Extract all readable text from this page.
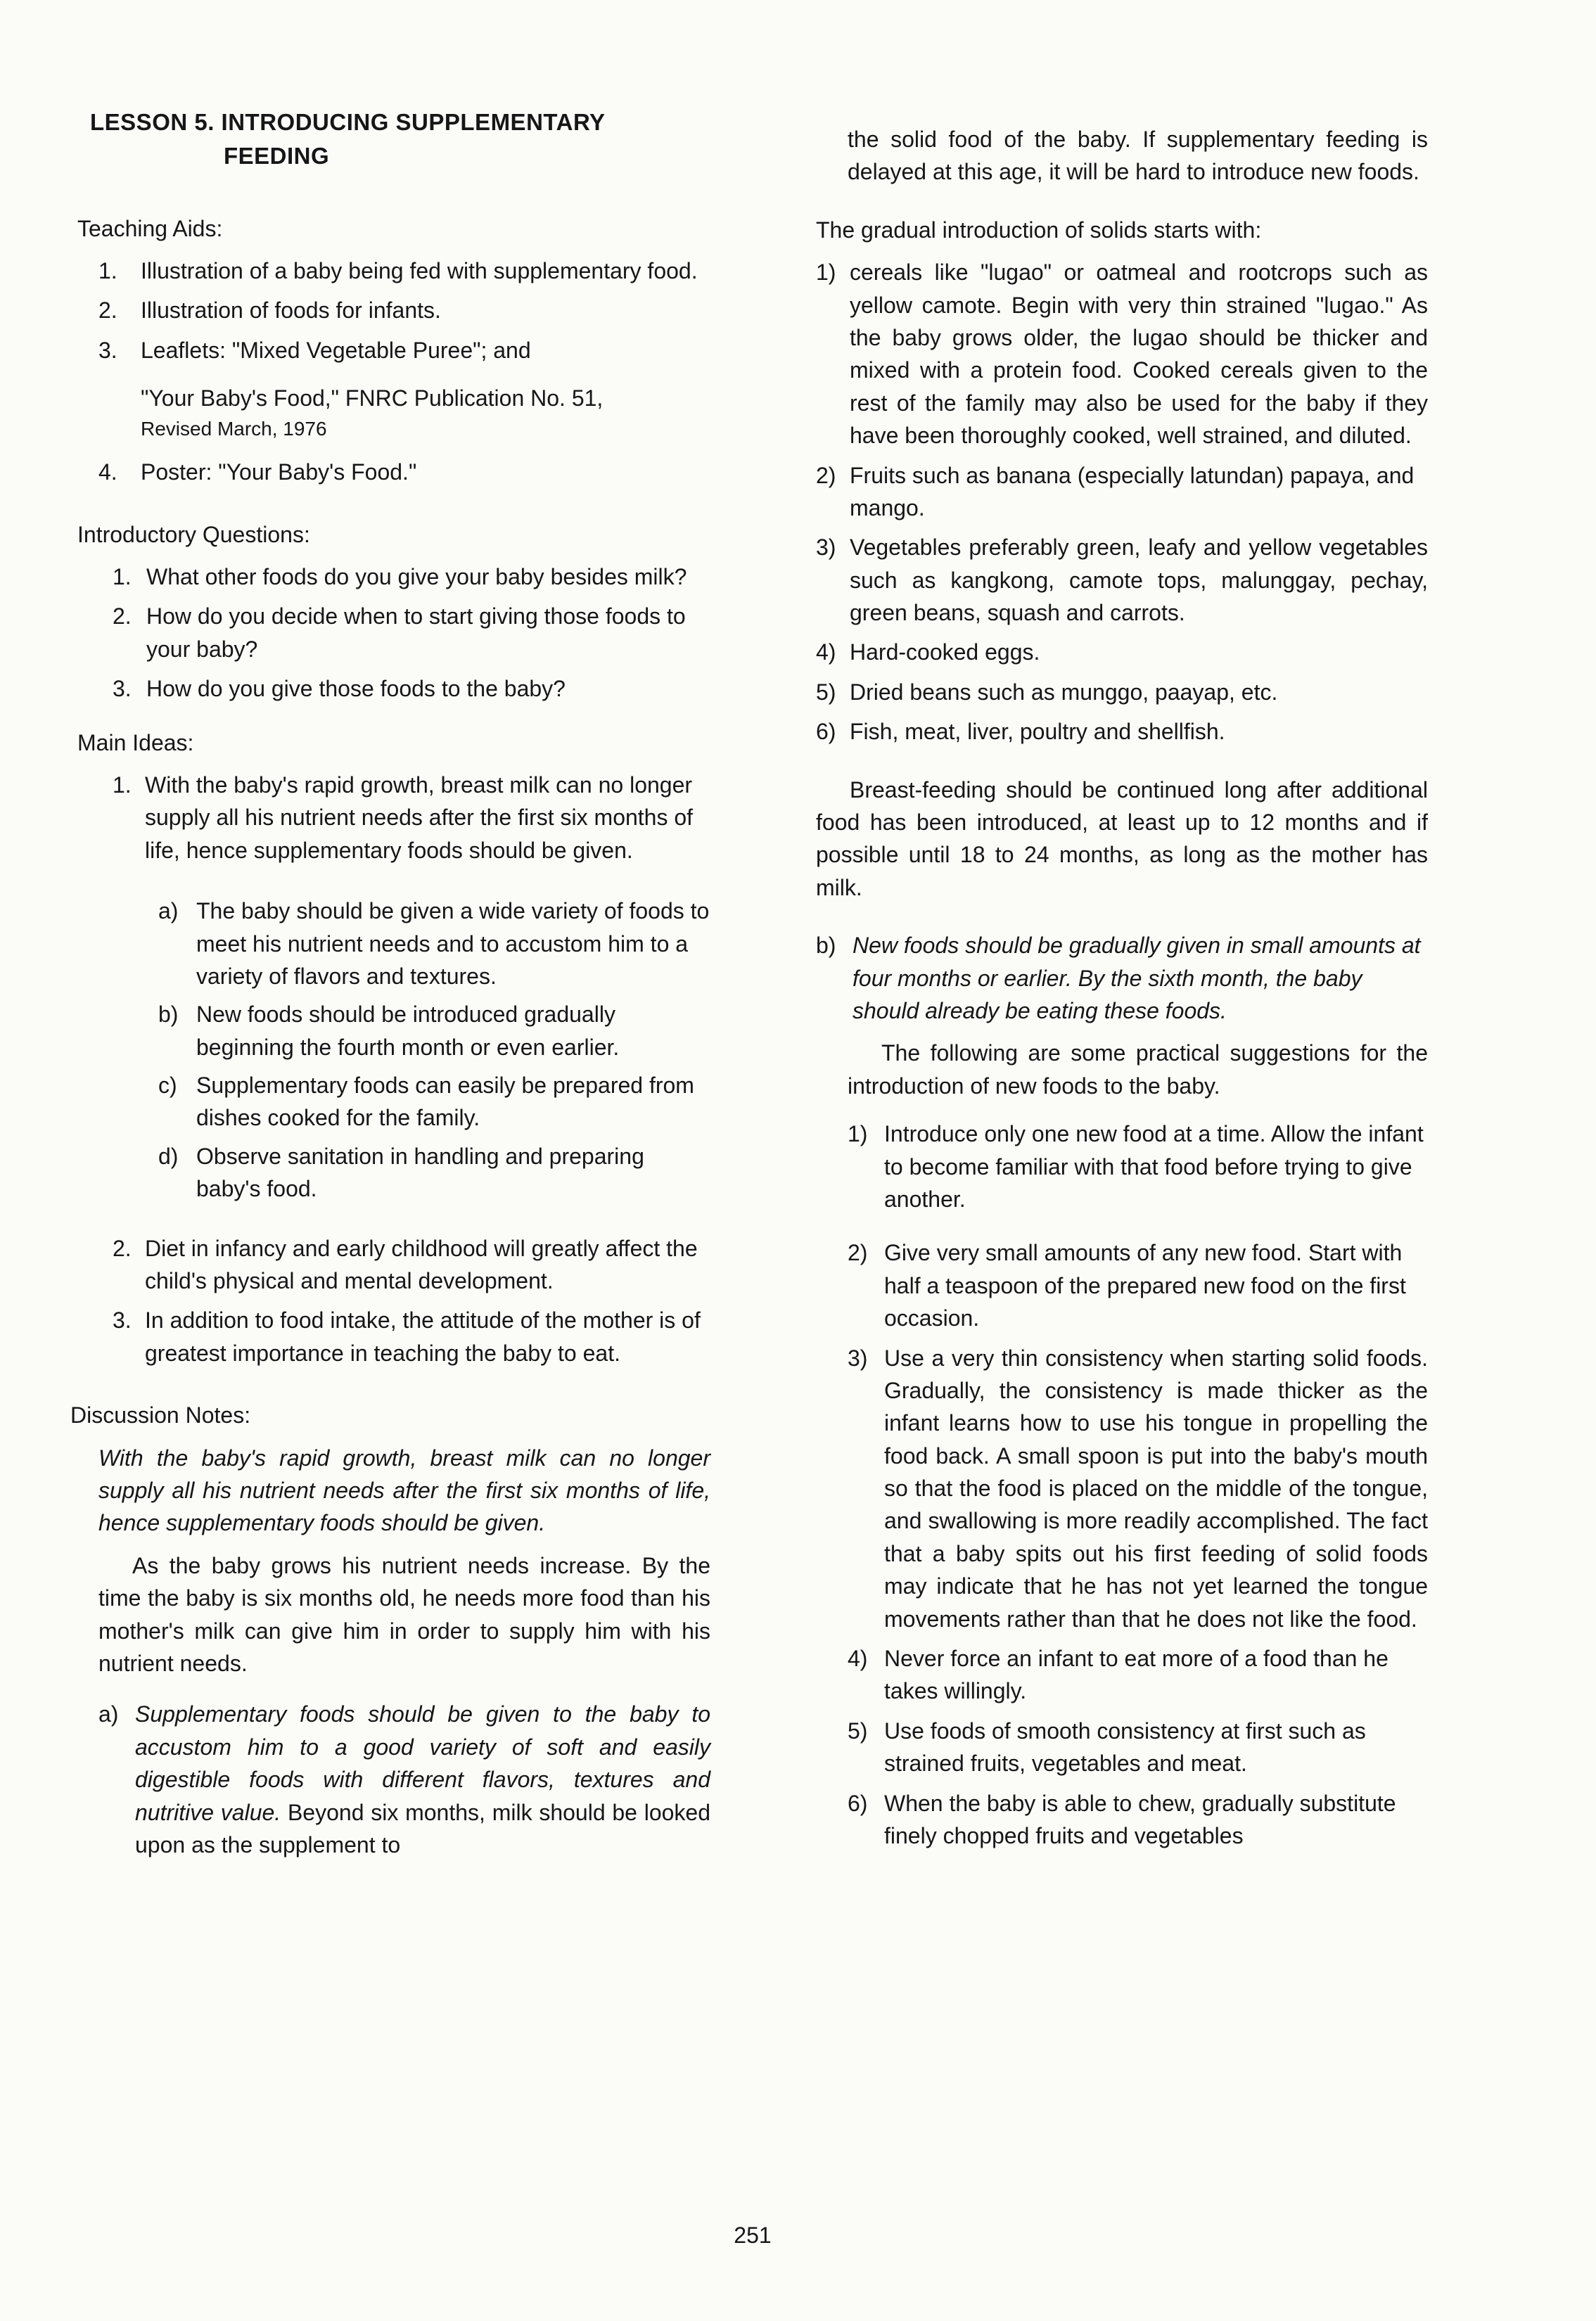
LESSON 5. INTRODUCING SUPPLEMENTARY
FEEDING
Teaching Aids:
1.	Illustration of a baby being fed with supplementary food.
2.	Illustration of foods for infants.
3.	Leaflets: "Mixed Vegetable Puree"; and
"Your Baby's Food," FNRC Publication No. 51,
Revised March, 1976
4.	Poster: "Your Baby's Food."
Introductory Questions:
1. What other foods do you give your baby besides milk?
2. How do you decide when to start giving those foods to your baby?
3. How do you give those foods to the baby?
Main Ideas:
1. With the baby's rapid growth, breast milk can no longer supply all his nutrient needs after the first six months of life, hence supplementary foods should be given.
a) The baby should be given a wide variety of foods to meet his nutrient needs and to accustom him to a variety of flavors and textures.
b) New foods should be introduced gradually beginning the fourth month or even earlier.
c) Supplementary foods can easily be prepared from dishes cooked for the family.
d) Observe sanitation in handling and preparing baby's food.
2. Diet in infancy and early childhood will greatly affect the child's physical and mental development.
3. In addition to food intake, the attitude of the mother is of greatest importance in teaching the baby to eat.
Discussion Notes:
With the baby's rapid growth, breast milk can no longer supply all his nutrient needs after the first six months of life, hence supplementary foods should be given.
As the baby grows his nutrient needs increase. By the time the baby is six months old, he needs more food than his mother's milk can give him in order to supply him with his nutrient needs.
a) Supplementary foods should be given to the baby to accustom him to a good variety of soft and easily digestible foods with different flavors, textures and nutritive value. Beyond six months, milk should be looked upon as the supplement to
the solid food of the baby. If supplementary feeding is delayed at this age, it will be hard to introduce new foods.
The gradual introduction of solids starts with:
1) cereals like "lugao" or oatmeal and rootcrops such as yellow camote. Begin with very thin strained "lugao." As the baby grows older, the lugao should be thicker and mixed with a protein food. Cooked cereals given to the rest of the family may also be used for the baby if they have been thoroughly cooked, well strained, and diluted.
2) Fruits such as banana (especially latundan) papaya, and mango.
3) Vegetables preferably green, leafy and yellow vegetables such as kangkong, camote tops, malunggay, pechay, green beans, squash and carrots.
4) Hard-cooked eggs.
5) Dried beans such as munggo, paayap, etc.
6) Fish, meat, liver, poultry and shellfish.
Breast-feeding should be continued long after additional food has been introduced, at least up to 12 months and if possible until 18 to 24 months, as long as the mother has milk.
b) New foods should be gradually given in small amounts at four months or earlier. By the sixth month, the baby should already be eating these foods.
The following are some practical suggestions for the introduction of new foods to the baby.
1) Introduce only one new food at a time. Allow the infant to become familiar with that food before trying to give another.
2) Give very small amounts of any new food. Start with half a teaspoon of the prepared new food on the first occasion.
3) Use a very thin consistency when starting solid foods. Gradually, the consistency is made thicker as the infant learns how to use his tongue in propelling the food back. A small spoon is put into the baby's mouth so that the food is placed on the middle of the tongue, and swallowing is more readily accomplished. The fact that a baby spits out his first feeding of solid foods may indicate that he has not yet learned the tongue movements rather than that he does not like the food.
4) Never force an infant to eat more of a food than he takes willingly.
5) Use foods of smooth consistency at first such as strained fruits, vegetables and meat.
6) When the baby is able to chew, gradually substitute finely chopped fruits and vegetables
251
